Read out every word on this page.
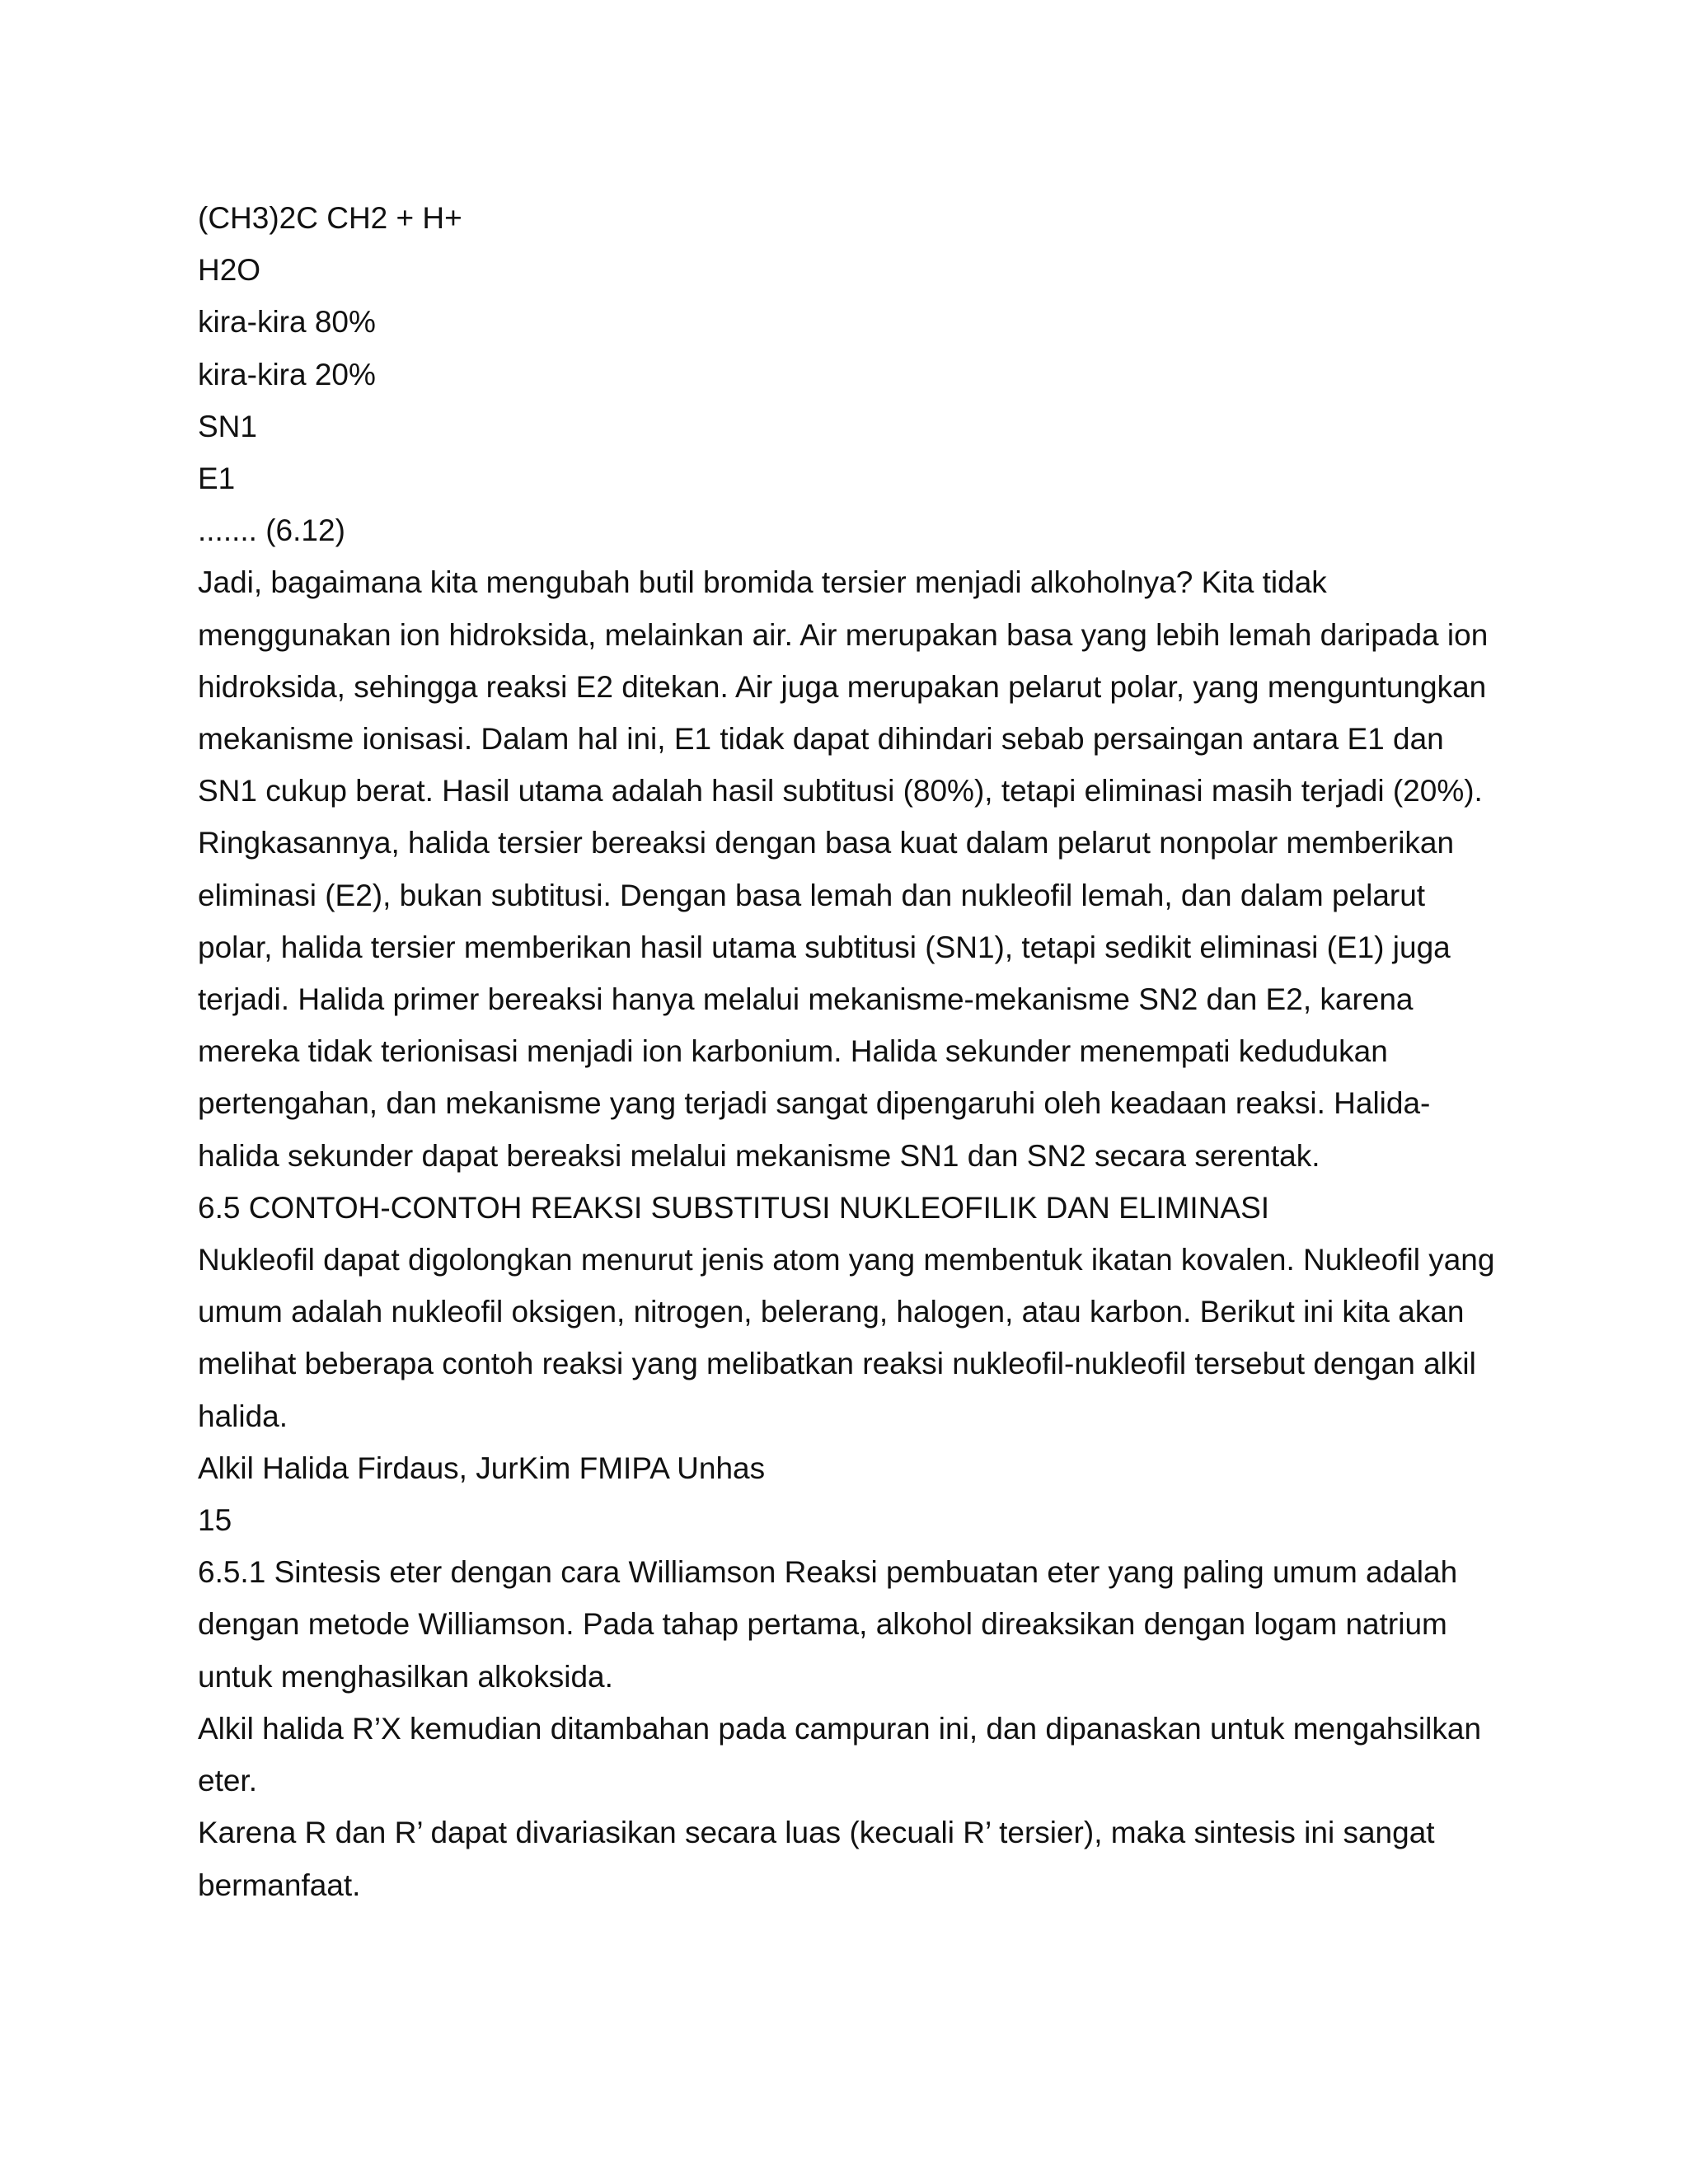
(CH3)2C CH2 + H+

H2O

kira-kira 80%

kira-kira 20%

SN1

E1

....... (6.12)

Jadi, bagaimana kita mengubah butil bromida tersier menjadi alkoholnya? Kita tidak

menggunakan ion hidroksida, melainkan air. Air merupakan basa yang lebih lemah daripada ion

hidroksida, sehingga reaksi E2 ditekan. Air juga merupakan pelarut polar, yang menguntungkan

mekanisme ionisasi. Dalam hal ini, E1 tidak dapat dihindari sebab persaingan antara E1 dan

SN1 cukup berat. Hasil utama adalah hasil subtitusi (80%), tetapi eliminasi masih terjadi (20%).

Ringkasannya, halida tersier bereaksi dengan basa kuat dalam pelarut nonpolar memberikan

eliminasi (E2), bukan subtitusi. Dengan basa lemah dan nukleofil lemah, dan dalam pelarut

polar, halida tersier memberikan hasil utama subtitusi (SN1), tetapi sedikit eliminasi (E1) juga

terjadi. Halida primer bereaksi hanya melalui mekanisme-mekanisme SN2 dan E2, karena

mereka tidak terionisasi menjadi ion karbonium. Halida sekunder menempati kedudukan

pertengahan, dan mekanisme yang terjadi sangat dipengaruhi oleh keadaan reaksi. Halida-

halida sekunder dapat bereaksi melalui mekanisme SN1 dan SN2 secara serentak.

6.5 CONTOH-CONTOH REAKSI SUBSTITUSI NUKLEOFILIK DAN ELIMINASI

Nukleofil dapat digolongkan menurut jenis atom yang membentuk ikatan kovalen. Nukleofil yang

umum adalah nukleofil oksigen, nitrogen, belerang, halogen, atau karbon. Berikut ini kita akan

melihat beberapa contoh reaksi yang melibatkan reaksi nukleofil-nukleofil tersebut dengan alkil

halida.

Alkil Halida Firdaus, JurKim FMIPA Unhas

15

6.5.1 Sintesis eter dengan cara Williamson Reaksi pembuatan eter yang paling umum adalah

dengan metode Williamson. Pada tahap pertama, alkohol direaksikan dengan logam natrium

untuk menghasilkan alkoksida.

Alkil halida R’X kemudian ditambahan pada campuran ini, dan dipanaskan untuk mengahsilkan

eter.

Karena R dan R’ dapat divariasikan secara luas (kecuali R’ tersier), maka sintesis ini sangat

bermanfaat.
